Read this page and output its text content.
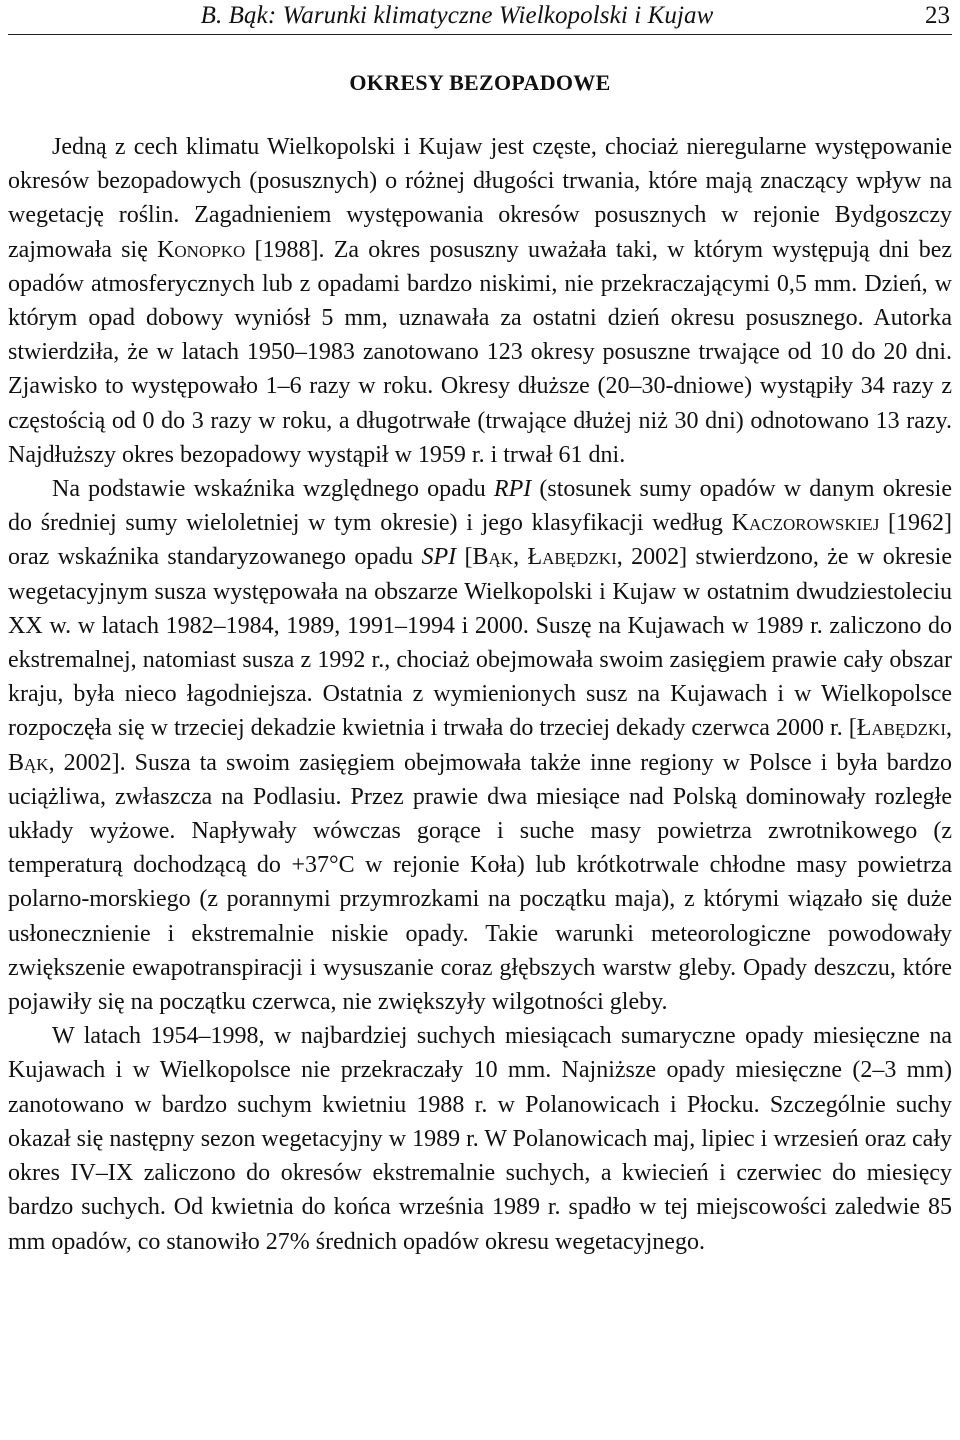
B. Bąk: Warunki klimatyczne Wielkopolski i Kujaw	23
OKRESY BEZOPADOWE

Jedną z cech klimatu Wielkopolski i Kujaw jest częste, chociaż nieregularne występowanie okresów bezopadowych (posusznych) o różnej długości trwania, które mają znaczący wpływ na wegetację roślin. Zagadnieniem występowania okresów posusznych w rejonie Bydgoszczy zajmowała się Konopko [1988]. Za okres posuszny uważała taki, w którym występują dni bez opadów atmosferycznych lub z opadami bardzo niskimi, nie przekraczającymi 0,5 mm. Dzień, w którym opad dobowy wyniósł 5 mm, uznawała za ostatni dzień okresu posusznego. Autorka stwierdziła, że w latach 1950–1983 zanotowano 123 okresy posuszne trwające od 10 do 20 dni. Zjawisko to występowało 1–6 razy w roku. Okresy dłuższe (20–30-dniowe) wystąpiły 34 razy z częstością od 0 do 3 razy w roku, a długotrwałe (trwające dłużej niż 30 dni) odnotowano 13 razy. Najdłuższy okres bezopadowy wystąpił w 1959 r. i trwał 61 dni.

Na podstawie wskaźnika względnego opadu RPI (stosunek sumy opadów w danym okresie do średniej sumy wieloletniej w tym okresie) i jego klasyfikacji według Kaczorowskiej [1962] oraz wskaźnika standaryzowanego opadu SPI [Bąk, Łabędzki, 2002] stwierdzono, że w okresie wegetacyjnym susza występowała na obszarze Wielkopolski i Kujaw w ostatnim dwudziestoleciu XX w. w latach 1982–1984, 1989, 1991–1994 i 2000. Suszę na Kujawach w 1989 r. zaliczono do ekstremalnej, natomiast susza z 1992 r., chociaż obejmowała swoim zasięgiem prawie cały obszar kraju, była nieco łagodniejsza. Ostatnia z wymienionych susz na Kujawach i w Wielkopolsce rozpoczęła się w trzeciej dekadzie kwietnia i trwała do trzeciej dekady czerwca 2000 r. [Łabędzki, Bąk, 2002]. Susza ta swoim zasięgiem obejmowała także inne regiony w Polsce i była bardzo uciążliwa, zwłaszcza na Podlasiu. Przez prawie dwa miesiące nad Polską dominowały rozległe układy wyżowe. Napływały wówczas gorące i suche masy powietrza zwrotnikowego (z temperaturą dochodzącą do +37°C w rejonie Koła) lub krótkotrwale chłodne masy powietrza polarno-morskiego (z porannymi przymrozkami na początku maja), z którymi wiązało się duże usłonecznienie i ekstremalnie niskie opady. Takie warunki meteorologiczne powodowały zwiększenie ewapotranspiracji i wysuszanie coraz głębszych warstw gleby. Opady deszczu, które pojawiły się na początku czerwca, nie zwiększyły wilgotności gleby.

W latach 1954–1998, w najbardziej suchych miesiącach sumaryczne opady miesięczne na Kujawach i w Wielkopolsce nie przekraczały 10 mm. Najniższe opady miesięczne (2–3 mm) zanotowano w bardzo suchym kwietniu 1988 r. w Polanowicach i Płocku. Szczególnie suchy okazał się następny sezon wegetacyjny w 1989 r. W Polanowicach maj, lipiec i wrzesień oraz cały okres IV–IX zaliczono do okresów ekstremalnie suchych, a kwiecień i czerwiec do miesięcy bardzo suchych. Od kwietnia do końca września 1989 r. spadło w tej miejscowości zaledwie 85 mm opadów, co stanowiło 27% średnich opadów okresu wegetacyjnego.
